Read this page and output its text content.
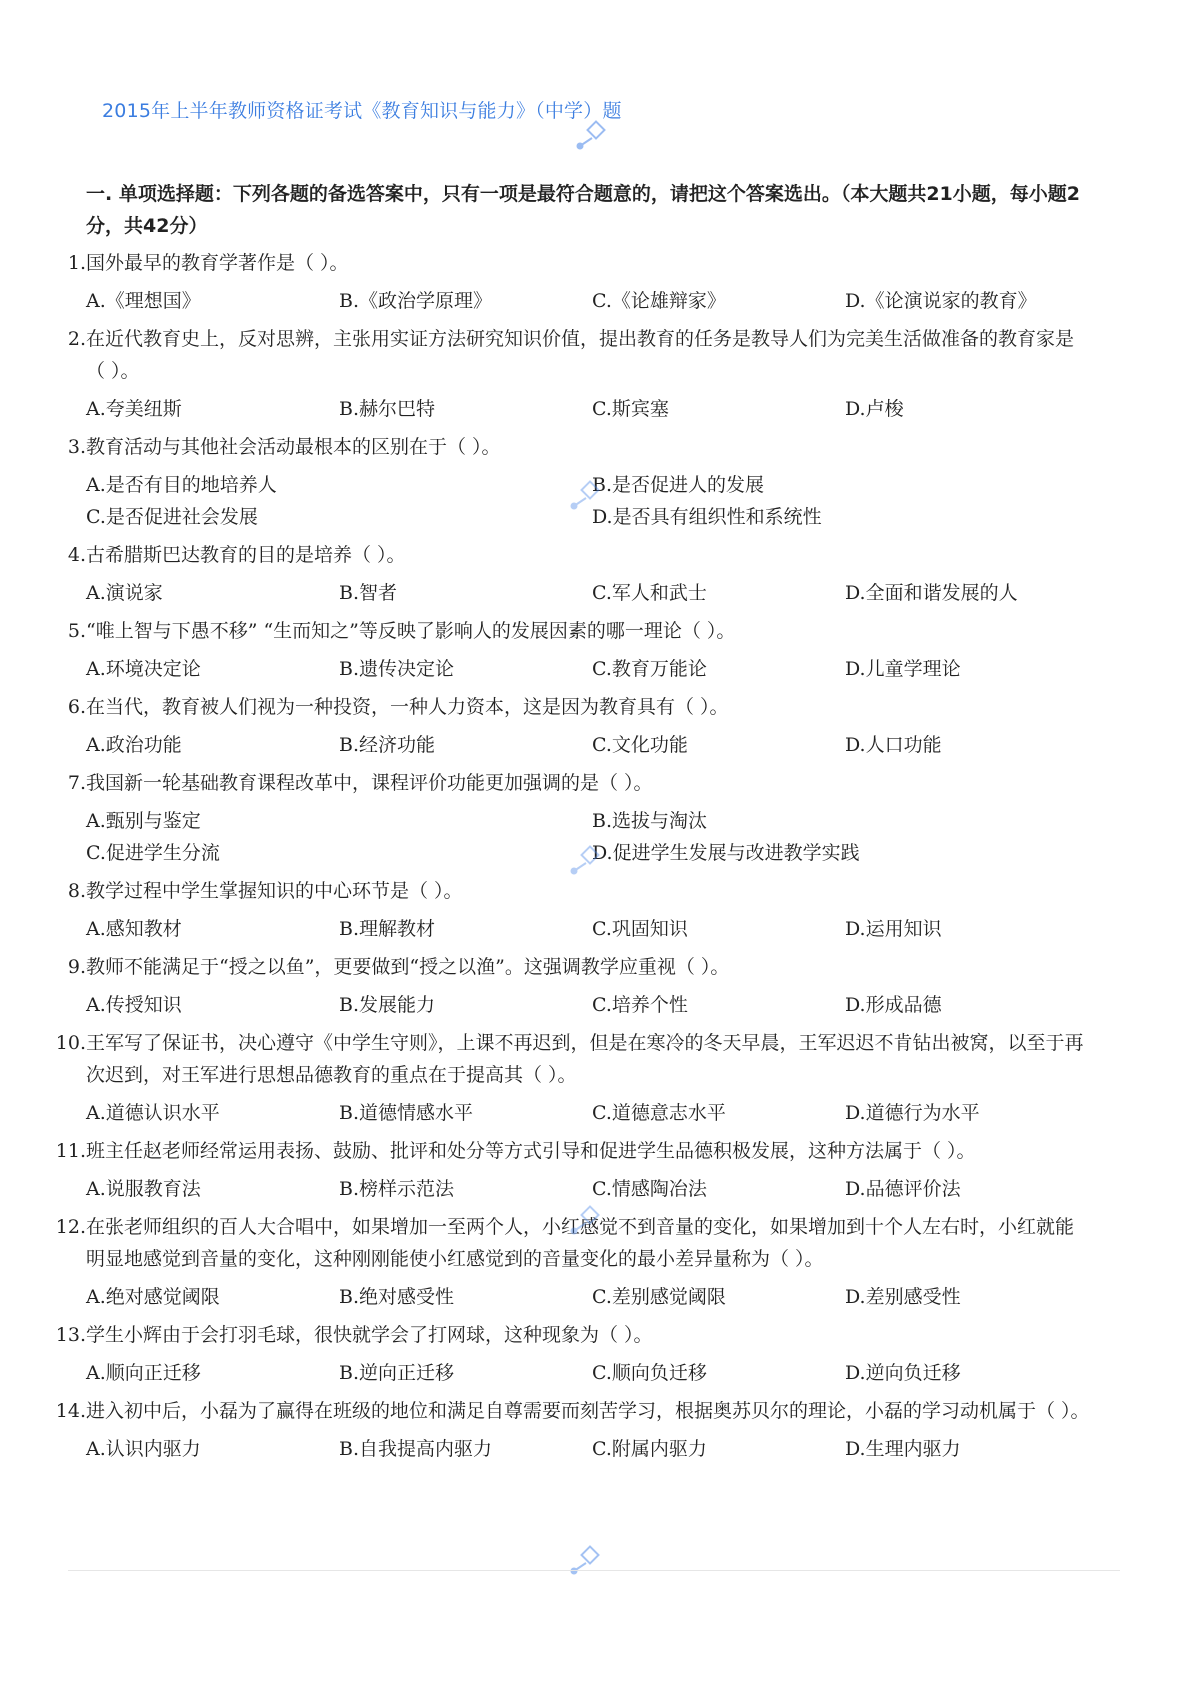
2015年上半年教师资格证考试《教育知识与能力》（中学）题
一. 单项选择题：下列各题的备选答案中，只有一项是最符合题意的，请把这个答案选出。（本大题共21小题，每小题2分，共42分）
1. 国外最早的教育学著作是（ ）。
A.《理想国》	B.《政治学原理》	C.《论雄辩家》	D.《论演说家的教育》
2. 在近代教育史上，反对思辨，主张用实证方法研究知识价值，提出教育的任务是教导人们为完美生活做准备的教育家是（ ）。
A.夸美纽斯	B.赫尔巴特	C.斯宾塞	D.卢梭
3. 教育活动与其他社会活动最根本的区别在于（ ）。
A.是否有目的地培养人	B.是否促进人的发展
C.是否促进社会发展	D.是否具有组织性和系统性
4. 古希腊斯巴达教育的目的是培养（ ）。
A.演说家	B.智者	C.军人和武士	D.全面和谐发展的人
5. “唯上智与下愚不移” “生而知之”等反映了影响人的发展因素的哪一理论（ ）。
A.环境决定论	B.遗传决定论	C.教育万能论	D.儿童学理论
6. 在当代，教育被人们视为一种投资，一种人力资本，这是因为教育具有（ ）。
A.政治功能	B.经济功能	C.文化功能	D.人口功能
7. 我国新一轮基础教育课程改革中，课程评价功能更加强调的是（ ）。
A.甄别与鉴定	B.选拔与淘汰
C.促进学生分流	D.促进学生发展与改进教学实践
8. 教学过程中学生掌握知识的中心环节是（ ）。
A.感知教材	B.理解教材	C.巩固知识	D.运用知识
9. 教师不能满足于“授之以鱼”，更要做到“授之以渔”。这强调教学应重视（ ）。
A.传授知识	B.发展能力	C.培养个性	D.形成品德
10. 王军写了保证书，决心遵守《中学生守则》，上课不再迟到，但是在寒冷的冬天早晨，王军迟迟不肯钻出被窝，以至于再次迟到，对王军进行思想品德教育的重点在于提高其（ ）。
A.道德认识水平	B.道德情感水平	C.道德意志水平	D.道德行为水平
11. 班主任赵老师经常运用表扬、鼓励、批评和处分等方式引导和促进学生品德积极发展，这种方法属于（ ）。
A.说服教育法	B.榜样示范法	C.情感陶冶法	D.品德评价法
12. 在张老师组织的百人大合唱中，如果增加一至两个人，小红感觉不到音量的变化，如果增加到十个人左右时，小红就能明显地感觉到音量的变化，这种刚刚能使小红感觉到的音量变化的最小差异量称为（ ）。
A.绝对感觉阈限	B.绝对感受性	C.差别感觉阈限	D.差别感受性
13. 学生小辉由于会打羽毛球，很快就学会了打网球，这种现象为（ ）。
A.顺向正迁移	B.逆向正迁移	C.顺向负迁移	D.逆向负迁移
14. 进入初中后，小磊为了赢得在班级的地位和满足自尊需要而刻苦学习，根据奥苏贝尔的理论，小磊的学习动机属于（ ）。
A.认识内驱力	B.自我提高内驱力	C.附属内驱力	D.生理内驱力
